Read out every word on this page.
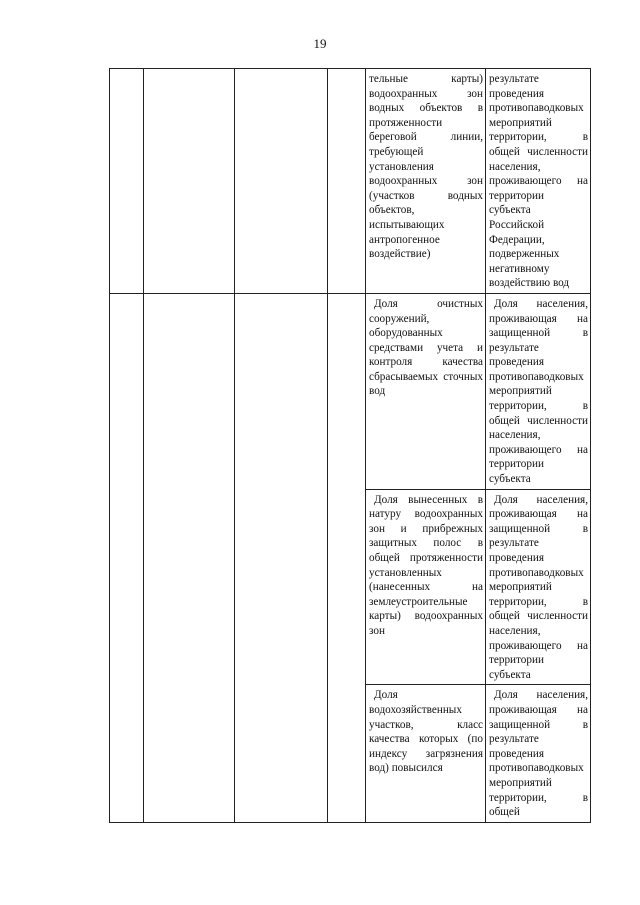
19

				тельные карты) водоохранных зон водных объектов в протяженности береговой линии, требующей установления водоохранных зон (участков водных объектов, испытывающих антропогенное воздействие)	результате проведения противопаводковых мероприятий территории, в общей численности населения, проживающего на территории субъекта Российской Федерации, подверженных негативному воздействию вод

				Доля очистных сооружений, оборудованных средствами учета и контроля качества сбрасываемых сточных вод	Доля населения, проживающая на защищенной в результате проведения противопаводковых мероприятий территории, в общей численности населения, проживающего на территории субъекта

				Доля вынесенных в натуру водоохранных зон и прибрежных защитных полос в общей протяженности установленных (нанесенных на землеустроительные карты) водоохранных зон	Доля населения, проживающая на защищенной в результате проведения противопаводковых мероприятий территории, в общей численности населения, проживающего на территории субъекта

				Доля водохозяйственных участков, класс качества которых (по индексу загрязнения вод) повысился	Доля населения, проживающая на защищенной в результате проведения противопаводковых мероприятий территории, в общей
